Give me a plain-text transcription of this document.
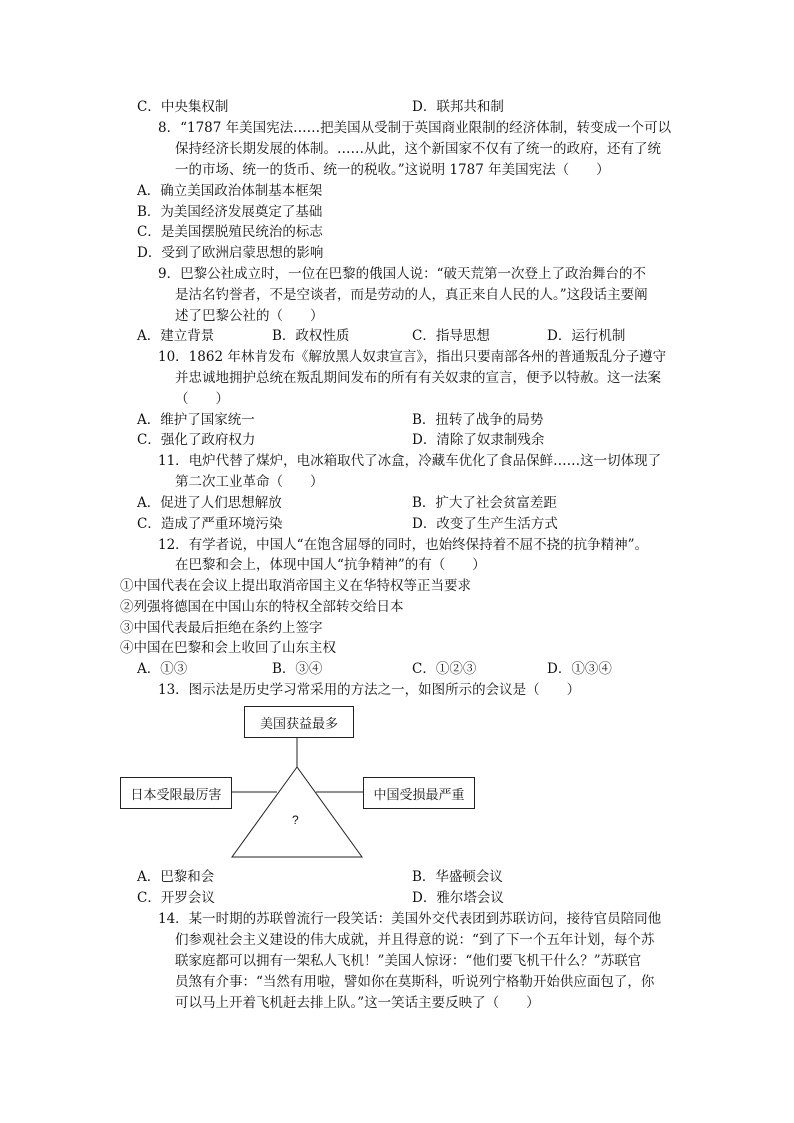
C．中央集权制	D．联邦共和制
8．“1787 年美国宪法……把美国从受制于英国商业限制的经济体制，转变成一个可以
保持经济长期发展的体制。……从此，这个新国家不仅有了统一的政府，还有了统
一的市场、统一的货币、统一的税收。”这说明 1787 年美国宪法（　　）
A．确立美国政治体制基本框架
B．为美国经济发展奠定了基础
C．是美国摆脱殖民统治的标志
D．受到了欧洲启蒙思想的影响
9．巴黎公社成立时，一位在巴黎的俄国人说：“破天荒第一次登上了政治舞台的不
是沽名钓誉者，不是空谈者，而是劳动的人，真正来自人民的人。”这段话主要阐
述了巴黎公社的（　　）
A．建立背景	B．政权性质	C．指导思想	D．运行机制
10．1862 年林肯发布《解放黑人奴隶宣言》，指出只要南部各州的普通叛乱分子遵守
并忠诚地拥护总统在叛乱期间发布的所有有关奴隶的宣言，便予以特赦。这一法案
（　　）
A．维护了国家统一	B．扭转了战争的局势
C．强化了政府权力	D．清除了奴隶制残余
11．电炉代替了煤炉，电冰箱取代了冰盒，冷藏车优化了食品保鲜……这一切体现了
第二次工业革命（　　）
A．促进了人们思想解放	B．扩大了社会贫富差距
C．造成了严重环境污染	D．改变了生产生活方式
12．有学者说，中国人“在饱含屈辱的同时，也始终保持着不屈不挠的抗争精神”。
在巴黎和会上，体现中国人“抗争精神”的有（　　）
①中国代表在会议上提出取消帝国主义在华特权等正当要求
②列强将德国在中国山东的特权全部转交给日本
③中国代表最后拒绝在条约上签字
④中国在巴黎和会上收回了山东主权
A．①③	B．③④	C．①②③	D．①③④
13．图示法是历史学习常采用的方法之一，如图所示的会议是（　　）
美国获益最多
日本受限最厉害	中国受损最严重
?
A．巴黎和会	B．华盛顿会议
C．开罗会议	D．雅尔塔会议
14．某一时期的苏联曾流行一段笑话：美国外交代表团到苏联访问，接待官员陪同他
们参观社会主义建设的伟大成就，并且得意的说：“到了下一个五年计划，每个苏
联家庭都可以拥有一架私人飞机！”美国人惊讶：“他们要飞机干什么？”苏联官
员煞有介事：“当然有用啦，譬如你在莫斯科，听说列宁格勒开始供应面包了，你
可以马上开着飞机赶去排上队。”这一笑话主要反映了（　　）
